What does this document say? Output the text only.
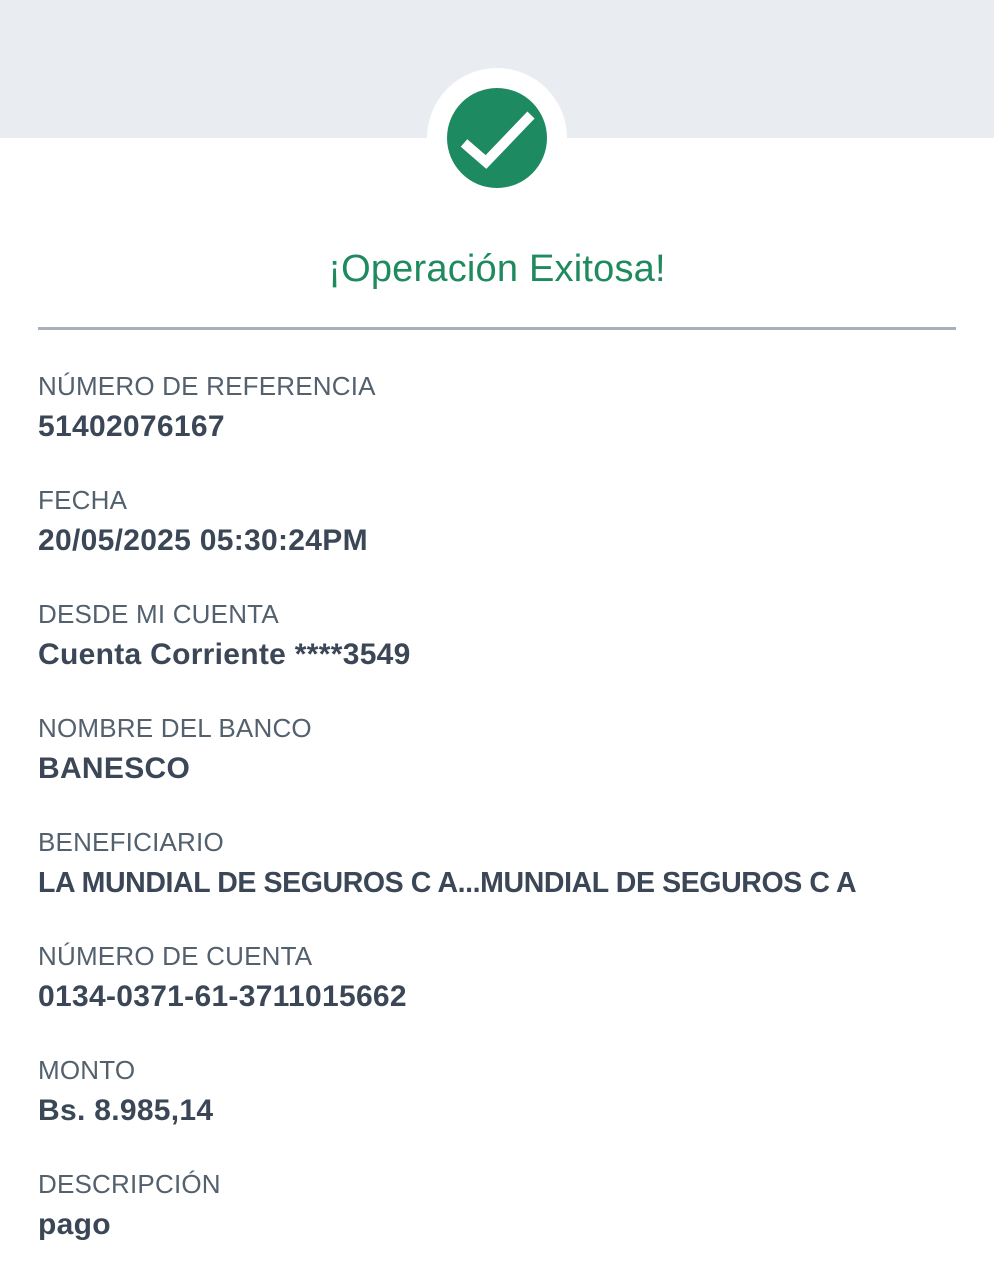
¡Operación Exitosa!
NÚMERO DE REFERENCIA
51402076167
FECHA
20/05/2025 05:30:24PM
DESDE MI CUENTA
Cuenta Corriente ****3549
NOMBRE DEL BANCO
BANESCO
BENEFICIARIO
LA MUNDIAL DE SEGUROS C A...MUNDIAL DE SEGUROS C A
NÚMERO DE CUENTA
0134-0371-61-3711015662
MONTO
Bs. 8.985,14
DESCRIPCIÓN
pago
